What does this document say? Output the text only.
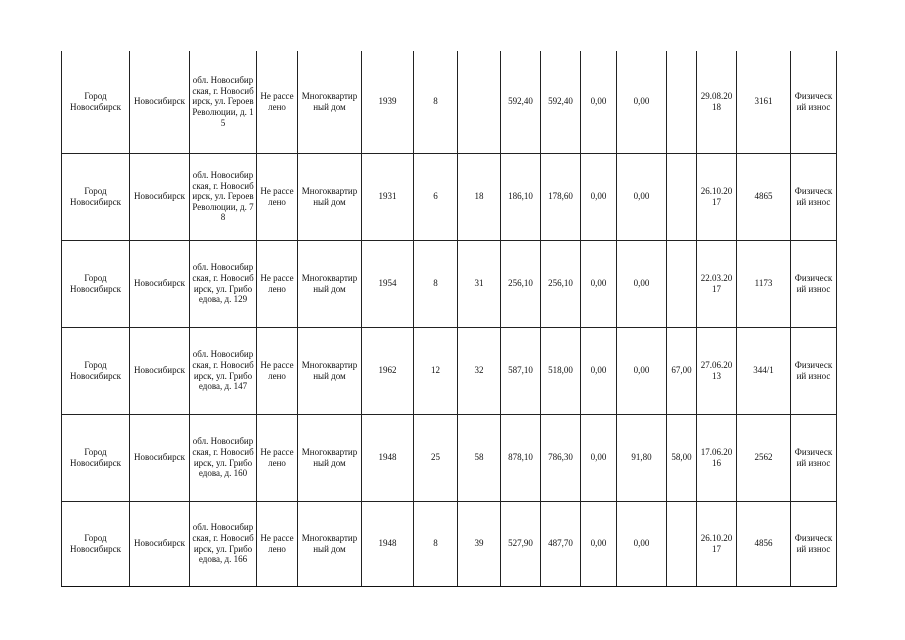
Город Новосибирск	Новосибирск	обл. Новосибирская, г. Новосибирск, ул. Героев Революции, д. 15	Не расселено	Многоквартирный дом	1939	8		592,40	592,40	0,00	0,00		29.08.2018	3161	Физический износ
Город Новосибирск	Новосибирск	обл. Новосибирская, г. Новосибирск, ул. Героев Революции, д. 78	Не расселено	Многоквартирный дом	1931	6	18	186,10	178,60	0,00	0,00		26.10.2017	4865	Физический износ
Город Новосибирск	Новосибирск	обл. Новосибирская, г. Новосибирск, ул. Грибоедова, д. 129	Не расселено	Многоквартирный дом	1954	8	31	256,10	256,10	0,00	0,00		22.03.2017	1173	Физический износ
Город Новосибирск	Новосибирск	обл. Новосибирская, г. Новосибирск, ул. Грибоедова, д. 147	Не расселено	Многоквартирный дом	1962	12	32	587,10	518,00	0,00	0,00	67,00	27.06.2013	344/1	Физический износ
Город Новосибирск	Новосибирск	обл. Новосибирская, г. Новосибирск, ул. Грибоедова, д. 160	Не расселено	Многоквартирный дом	1948	25	58	878,10	786,30	0,00	91,80	58,00	17.06.2016	2562	Физический износ
Город Новосибирск	Новосибирск	обл. Новосибирская, г. Новосибирск, ул. Грибоедова, д. 166	Не расселено	Многоквартирный дом	1948	8	39	527,90	487,70	0,00	0,00		26.10.2017	4856	Физический износ
